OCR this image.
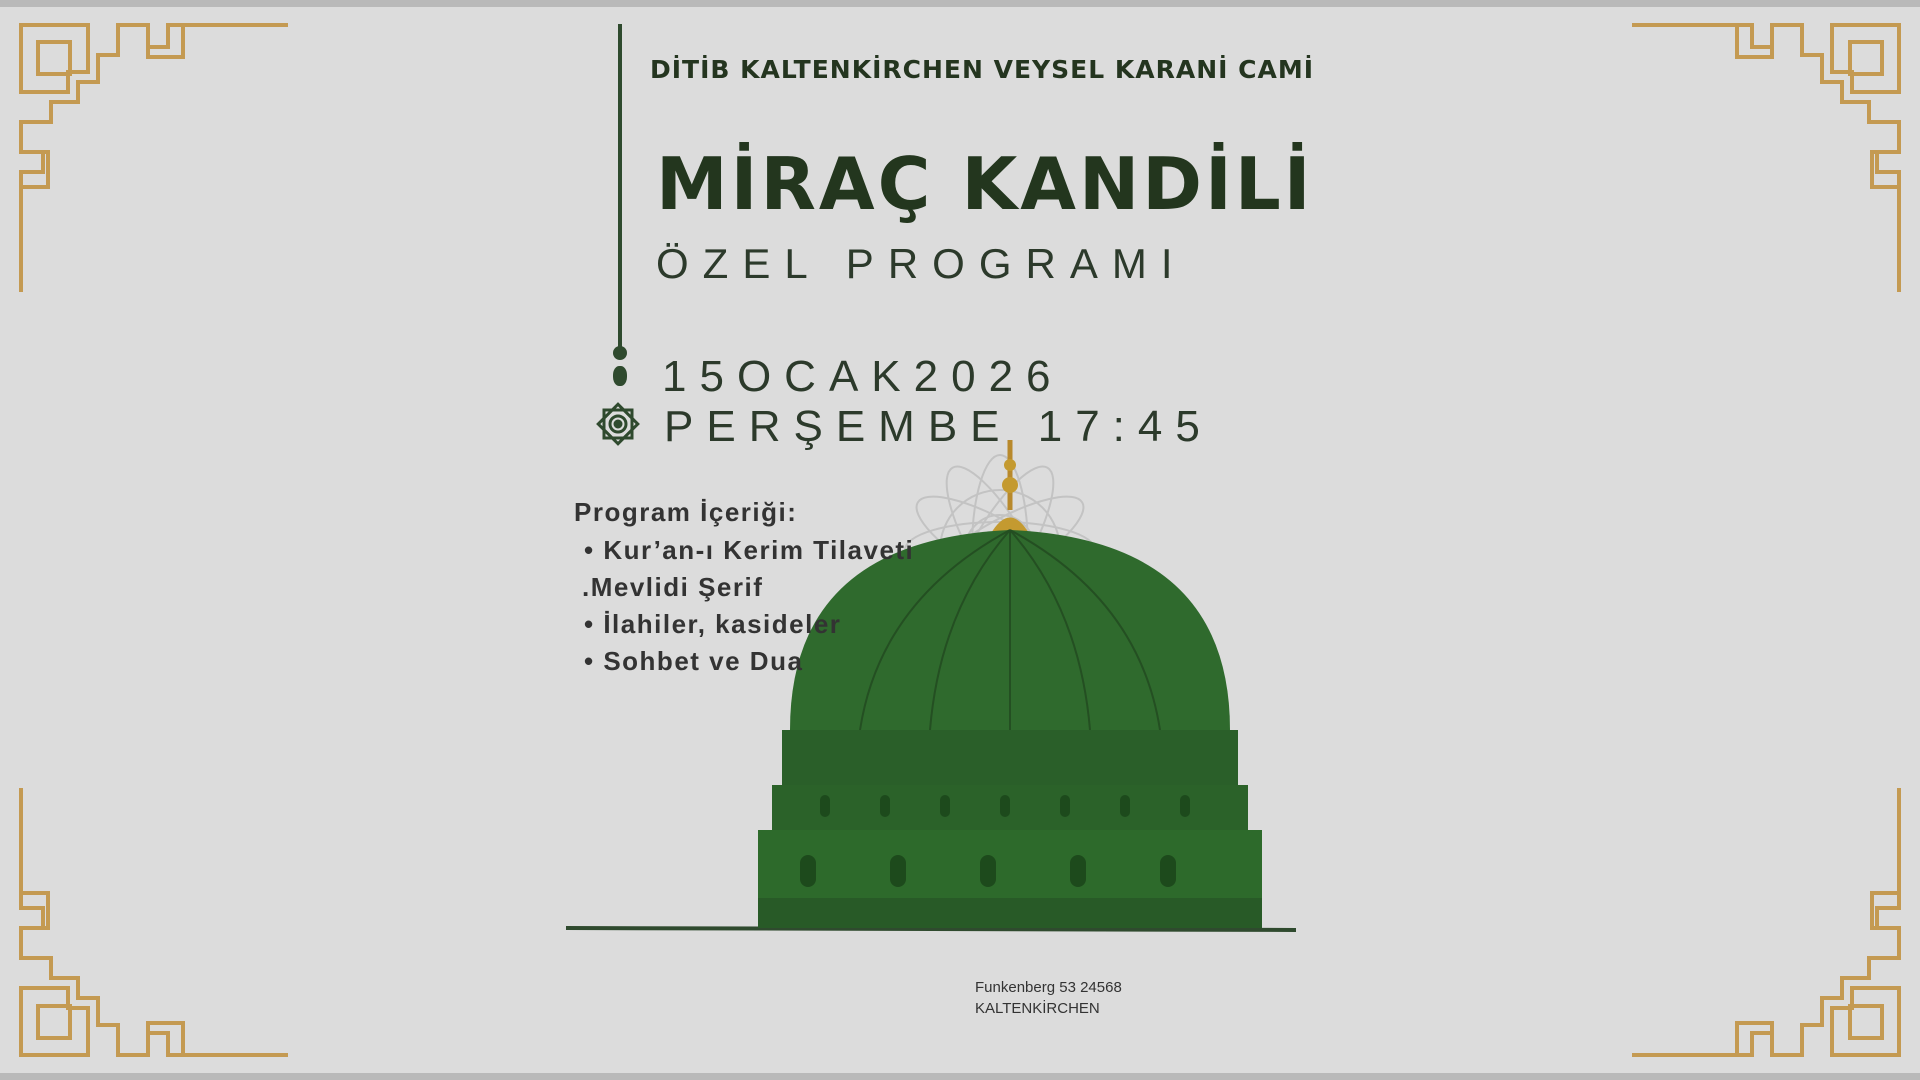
DİTİB KALTENKİRCHEN VEYSEL KARANİ CAMİ
MİRAÇ KANDİLİ
ÖZEL PROGRAMI
15OCAK2026
PERŞEMBE 17:45
Program İçeriği:
• Kur’an-ı Kerim Tilaveti
.Mevlidi Şerif
• İlahiler, kasideler
• Sohbet ve Dua
Funkenberg 53 24568
KALTENKİRCHEN
